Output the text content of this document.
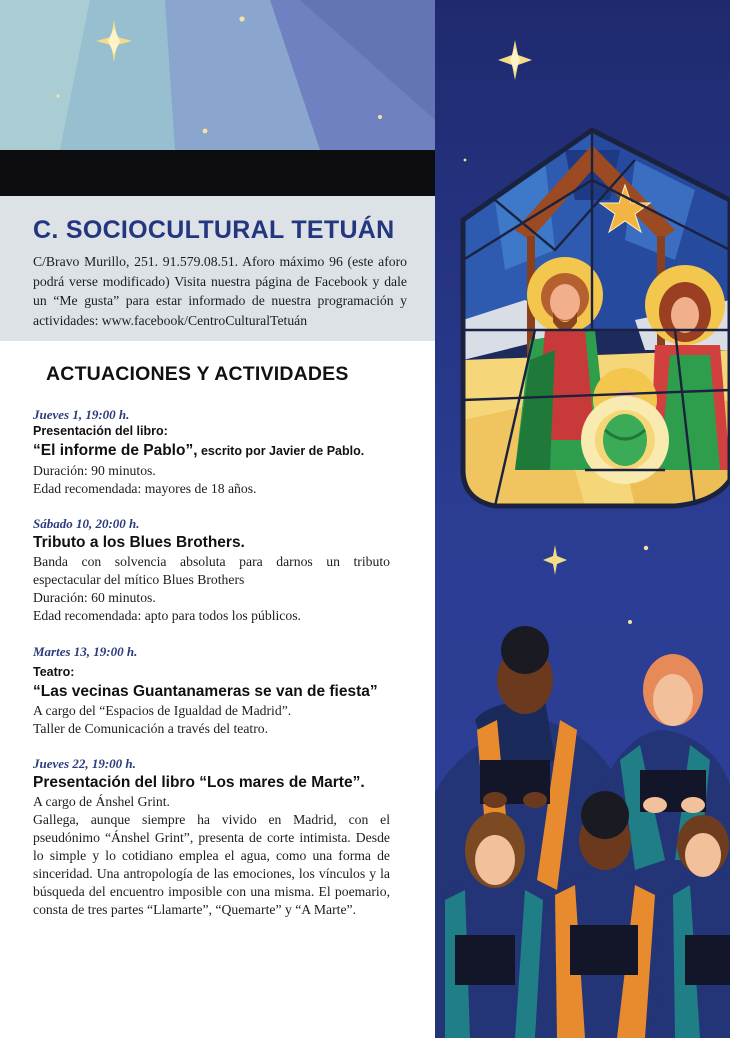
C. SOCIOCULTURAL TETUÁN
C/Bravo Murillo, 251. 91.579.08.51. Aforo máximo 96 (este aforo podrá verse modificado) Visita nuestra página de Facebook y dale un “Me gusta” para estar informado de nuestra programación y actividades: www.facebook/CentroCulturalTetuán
ACTUACIONES Y ACTIVIDADES
Jueves 1, 19:00 h.
Presentación del libro:
“El informe de Pablo”, escrito por Javier de Pablo.
Duración: 90 minutos.
Edad recomendada: mayores de 18 años.
Sábado 10, 20:00 h.
Tributo a los Blues Brothers.
Banda con solvencia absoluta para darnos un tributo espectacular del mítico Blues Brothers
Duración: 60 minutos.
Edad recomendada: apto para todos los públicos.
Martes 13, 19:00 h.
Teatro:
“Las vecinas Guantanameras se van de fiesta”
A cargo del “Espacios de Igualdad de Madrid”.
Taller de Comunicación a través del teatro.
Jueves 22, 19:00 h.
Presentación del libro “Los mares de Marte”.
A cargo de Ánshel Grint.
Gallega, aunque siempre ha vivido en Madrid, con el pseudónimo “Ánshel Grint”, presenta de corte intimista. Desde lo simple y lo cotidiano emplea el agua, como una forma de sinceridad. Una antropología de las emociones, los vínculos y la búsqueda del encuentro imposible con una misma. El poemario, consta de tres partes “Llamarte”, “Quemarte” y “A Marte”.
